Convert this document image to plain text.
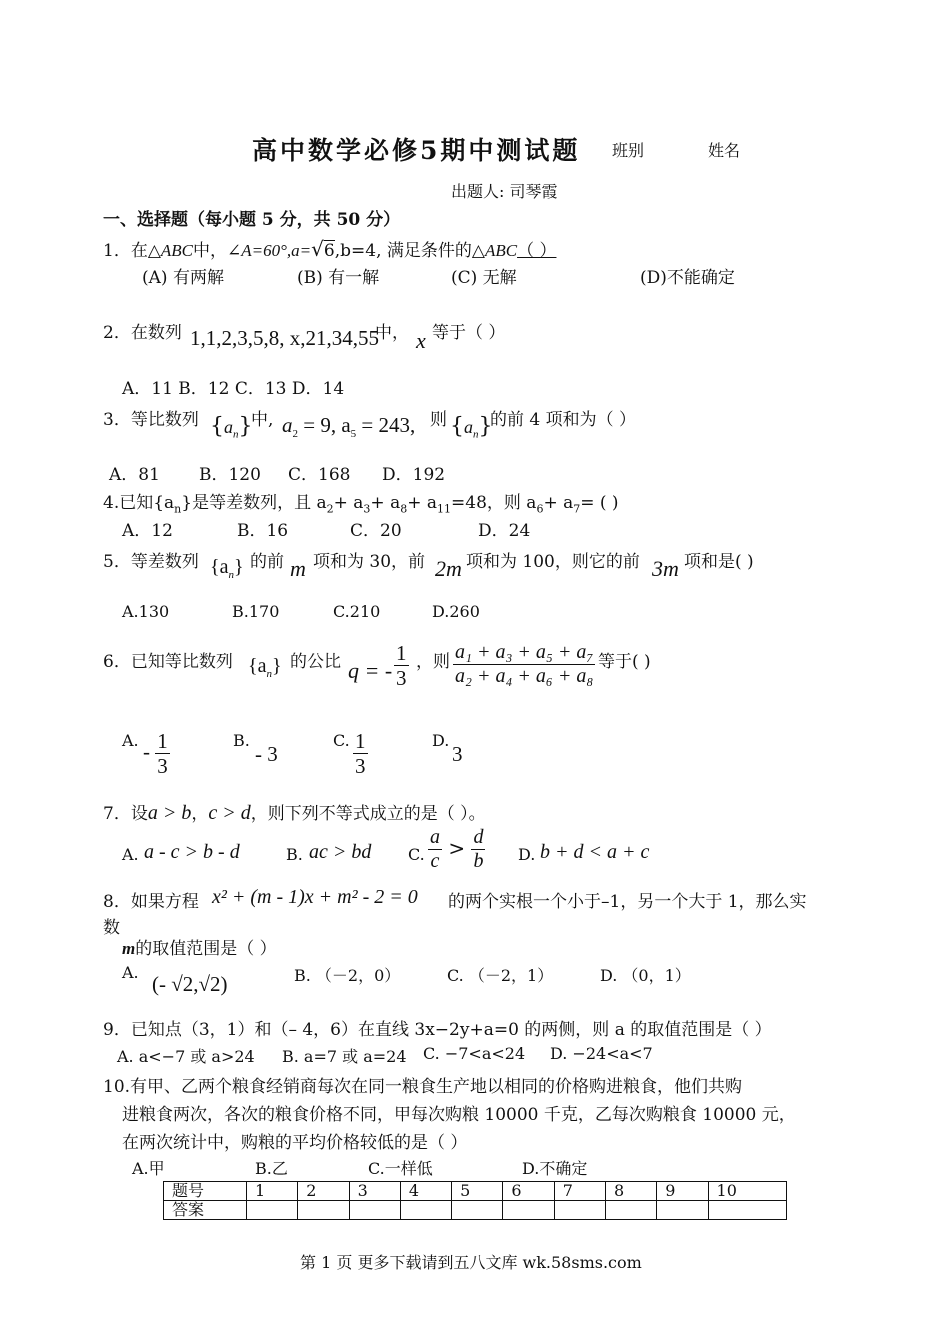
高中数学必修5期中测试题 班别	姓名
出题人: 司琴霞
一、选择题（每小题 5 分，共 50 分）
1．在△ABC中，∠A=60°,a=√6,b=4, 满足条件的△ABC（ ）
(A) 有两解	(B) 有一解	(C) 无解	(D)不能确定
2．在数列 1,1,2,3,5,8, x,21,34,55
中， x 等于（ ）
A．11 B．12 C．13 D．14
3．等比数列 $\{a_n\}$
中, $a_2 = 9$, $a_5 = 243$, 则 $\{a_n\}$
的前 4 项和为（ ）
A．81 B．120 C．168 D．192
4.已知$\{a_n\}$是等差数列，且 $a_2+ a_3+ a_8+ a_{11}=48$，则 $a_6+ a_7=$ ( )
A．12	B．16	C．20	D．24
5．等差数列 $\{a_n\}$ 的前 m 项和为 30，前 2m 项和为 100，则它的前 3m 项和是( )
A.130	B.170	C.210	D.260
6．已知等比数列 $\{a_n\}$ 的公比 q = - $\frac{1}{3}$ ，则 $\frac{\text{a₁ + a₃ + a₅ + a₇}}{\text{a₂ + a₄ + a₆ + a₈}}$ 等于( )
A. - $\frac{1}{3}$	B.
- 3
C. $\frac{1}{3}$	D.
3
7．设a > b，c > d，则下列不等式成立的是（ ）。
A. a - c > b - d	B. ac > bd C. $\frac{a}{c} > \frac{d}{b} D$. b + d < a + c
8．如果方程 x² + (m - 1)x + m² - 2 = 0 的两个实根一个小于–1，另一个大于 1，那么实
数
m的取值范围是（ ）
A. (- √2,√2)	B. （－2，0）	C. （－2，1）	D. （0，1）
9．已知点（3，1）和（– 4，6）在直线 3x−2y+a=0 的两侧，则 a 的取值范围是（ ）
A. a<−7 或 a>24 B. a=7 或 a=24 C. −7<a<24 D. −24<a<7
10.有甲、乙两个粮食经销商每次在同一粮食生产地以相同的价格购进粮食，他们共购
进粮食两次，各次的粮食价格不同，甲每次购粮 10000 千克，乙每次购粮食 10000 元，
在两次统计中，购粮的平均价格较低的是（ ）
A.甲	B.乙	C.一样低	D.不确定
题号	1	2	3	4	5	6	7	8	9	10
答案										
第 1 页 更多下载请到五八文库 wk.58sms.com
